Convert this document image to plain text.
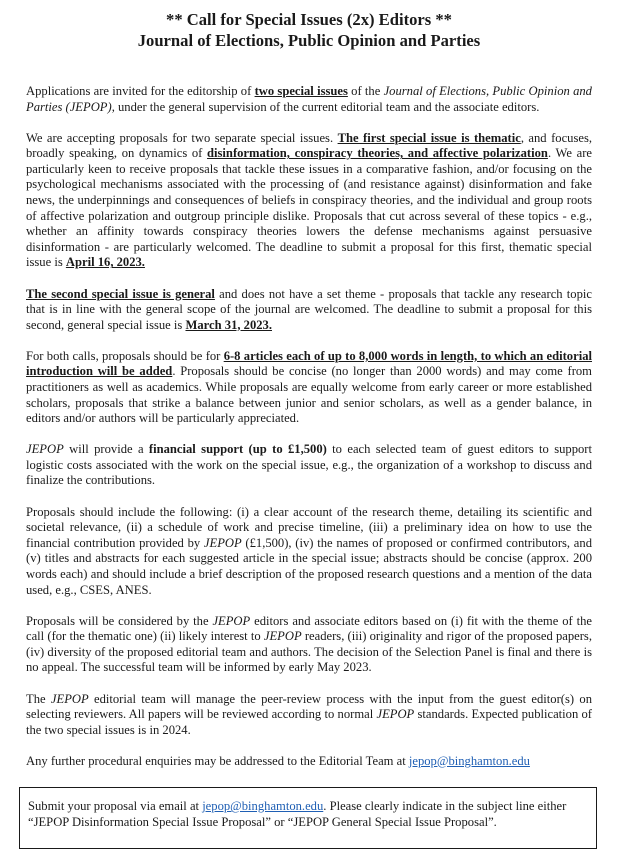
** Call for Special Issues (2x) Editors **
Journal of Elections, Public Opinion and Parties

Applications are invited for the editorship of two special issues of the Journal of Elections, Public Opinion and Parties (JEPOP), under the general supervision of the current editorial team and the associate editors.

We are accepting proposals for two separate special issues. The first special issue is thematic, and focuses, broadly speaking, on dynamics of disinformation, conspiracy theories, and affective polarization. We are particularly keen to receive proposals that tackle these issues in a comparative fashion, and/or focusing on the psychological mechanisms associated with the processing of (and resistance against) disinformation and fake news, the underpinnings and consequences of beliefs in conspiracy theories, and the individual and group roots of affective polarization and outgroup principle dislike. Proposals that cut across several of these topics - e.g., whether an affinity towards conspiracy theories lowers the defense mechanisms against persuasive disinformation - are particularly welcomed. The deadline to submit a proposal for this first, thematic special issue is April 16, 2023.

The second special issue is general and does not have a set theme - proposals that tackle any research topic that is in line with the general scope of the journal are welcomed. The deadline to submit a proposal for this second, general special issue is March 31, 2023.

For both calls, proposals should be for 6-8 articles each of up to 8,000 words in length, to which an editorial introduction will be added. Proposals should be concise (no longer than 2000 words) and may come from practitioners as well as academics. While proposals are equally welcome from early career or more established scholars, proposals that strike a balance between junior and senior scholars, as well as a gender balance, in editors and/or authors will be particularly appreciated.

JEPOP will provide a financial support (up to £1,500) to each selected team of guest editors to support logistic costs associated with the work on the special issue, e.g., the organization of a workshop to discuss and finalize the contributions.

Proposals should include the following: (i) a clear account of the research theme, detailing its scientific and societal relevance, (ii) a schedule of work and precise timeline, (iii) a preliminary idea on how to use the financial contribution provided by JEPOP (£1,500), (iv) the names of proposed or confirmed contributors, and (v) titles and abstracts for each suggested article in the special issue; abstracts should be concise (approx. 200 words each) and should include a brief description of the proposed research questions and a mention of the data used, e.g., CSES, ANES.

Proposals will be considered by the JEPOP editors and associate editors based on (i) fit with the theme of the call (for the thematic one) (ii) likely interest to JEPOP readers, (iii) originality and rigor of the proposed papers, (iv) diversity of the proposed editorial team and authors. The decision of the Selection Panel is final and there is no appeal. The successful team will be informed by early May 2023.

The JEPOP editorial team will manage the peer-review process with the input from the guest editor(s) on selecting reviewers. All papers will be reviewed according to normal JEPOP standards. Expected publication of the two special issues is in 2024.

Any further procedural enquiries may be addressed to the Editorial Team at jepop@binghamton.edu

Submit your proposal via email at jepop@binghamton.edu. Please clearly indicate in the subject line either “JEPOP Disinformation Special Issue Proposal” or “JEPOP General Special Issue Proposal”.
